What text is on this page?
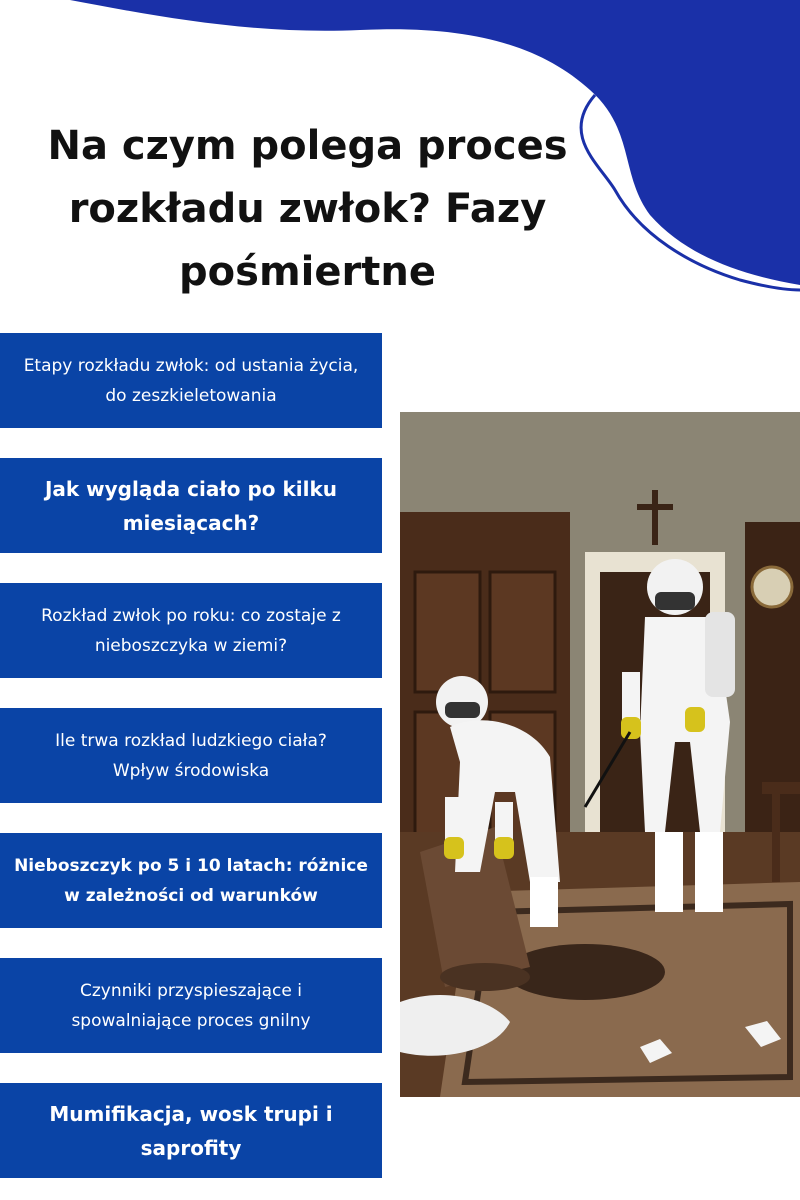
Na czym polega proces
rozkładu zwłok? Fazy
pośmiertne
Etapy rozkładu zwłok: od ustania życia, do zeszkieletowania
Jak wygląda ciało po kilku miesiącach?
Rozkład zwłok po roku: co zostaje z nieboszczyka w ziemi?
Ile trwa rozkład ludzkiego ciała? Wpływ środowiska
Nieboszczyk po 5 i 10 latach: różnice w zależności od warunków
Czynniki przyspieszające i spowalniające proces gnilny
Mumifikacja, wosk trupi i saprofity
